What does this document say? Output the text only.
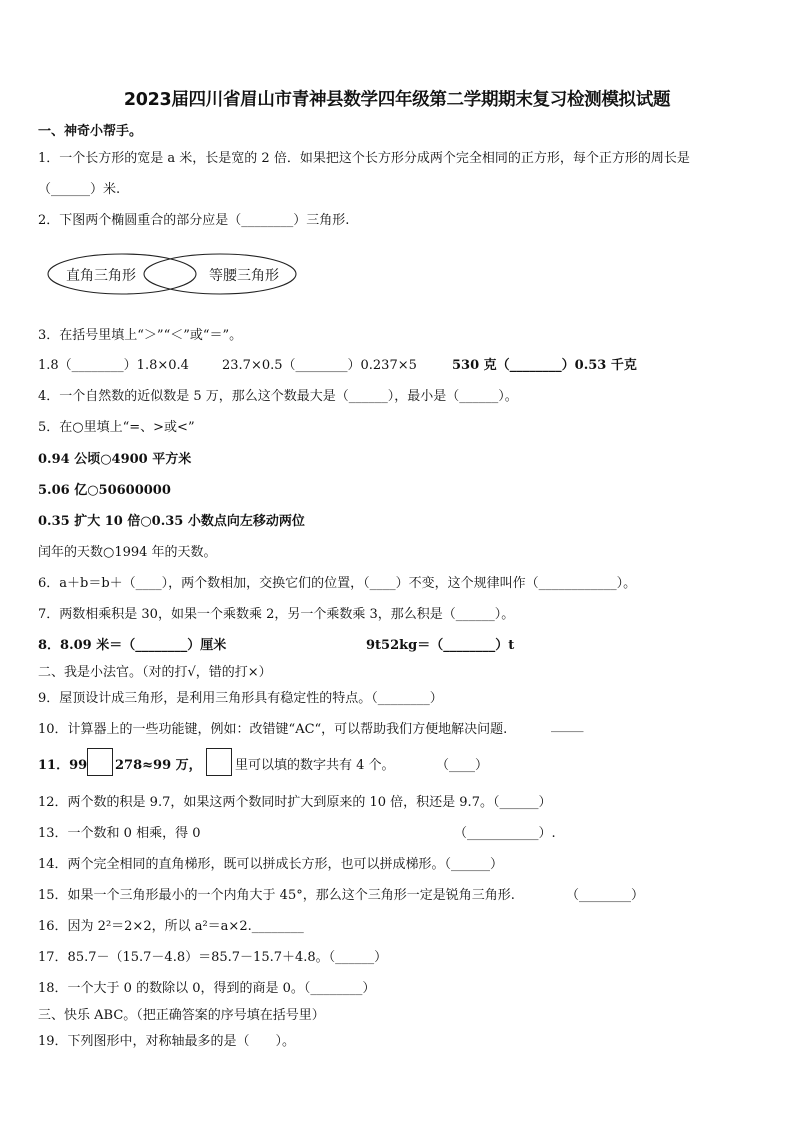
2023届四川省眉山市青神县数学四年级第二学期期末复习检测模拟试题
一、神奇小帮手。
1．一个长方形的宽是 a 米，长是宽的 2 倍．如果把这个长方形分成两个完全相同的正方形，每个正方形的周长是
（______）米.
2．下图两个椭圆重合的部分应是（________）三角形.
直角三角形	等腰三角形
3．在括号里填上“＞”“＜”或“＝”。
1.8（________）1.8×0.4	23.7×0.5（________）0.237×5	530 克（________）0.53 千克
4．一个自然数的近似数是 5 万，那么这个数最大是（______），最小是（______）。
5．在○里填上“=、>或<”
0.94 公顷○4900 平方米
5.06 亿○50600000
0.35 扩大 10 倍○0.35 小数点向左移动两位
闰年的天数○1994 年的天数。
6．a＋b＝b＋（____），两个数相加，交换它们的位置，（____）不变，这个规律叫作（____________）。
7．两数相乘积是 30，如果一个乘数乘 2，另一个乘数乘 3，那么积是（______）。
8．8.09 米＝（________）厘米	9t52kg＝（________）t
二、我是小法官。（对的打√，错的打×）
9．屋顶设计成三角形，是利用三角形具有稳定性的特点。（________）
10．计算器上的一些功能键，例如：改错键“AC“，可以帮助我们方便地解决问题.	_____
11．99 278≈99 万，	里可以填的数字共有 4 个。	（____）
12．两个数的积是 9.7，如果这两个数同时扩大到原来的 10 倍，积还是 9.7。（______）
13．一个数和 0 相乘，得 0	（___________）.
14．两个完全相同的直角梯形，既可以拼成长方形，也可以拼成梯形。（______）
15．如果一个三角形最小的一个内角大于 45°，那么这个三角形一定是锐角三角形.	（________）
16．因为 2²＝2×2，所以 a²＝a×2.________
17．85.7－（15.7－4.8）＝85.7－15.7＋4.8。（______）
18．一个大于 0 的数除以 0，得到的商是 0。（________）
三、快乐 ABC。（把正确答案的序号填在括号里）
19．下列图形中，对称轴最多的是（　　）。
